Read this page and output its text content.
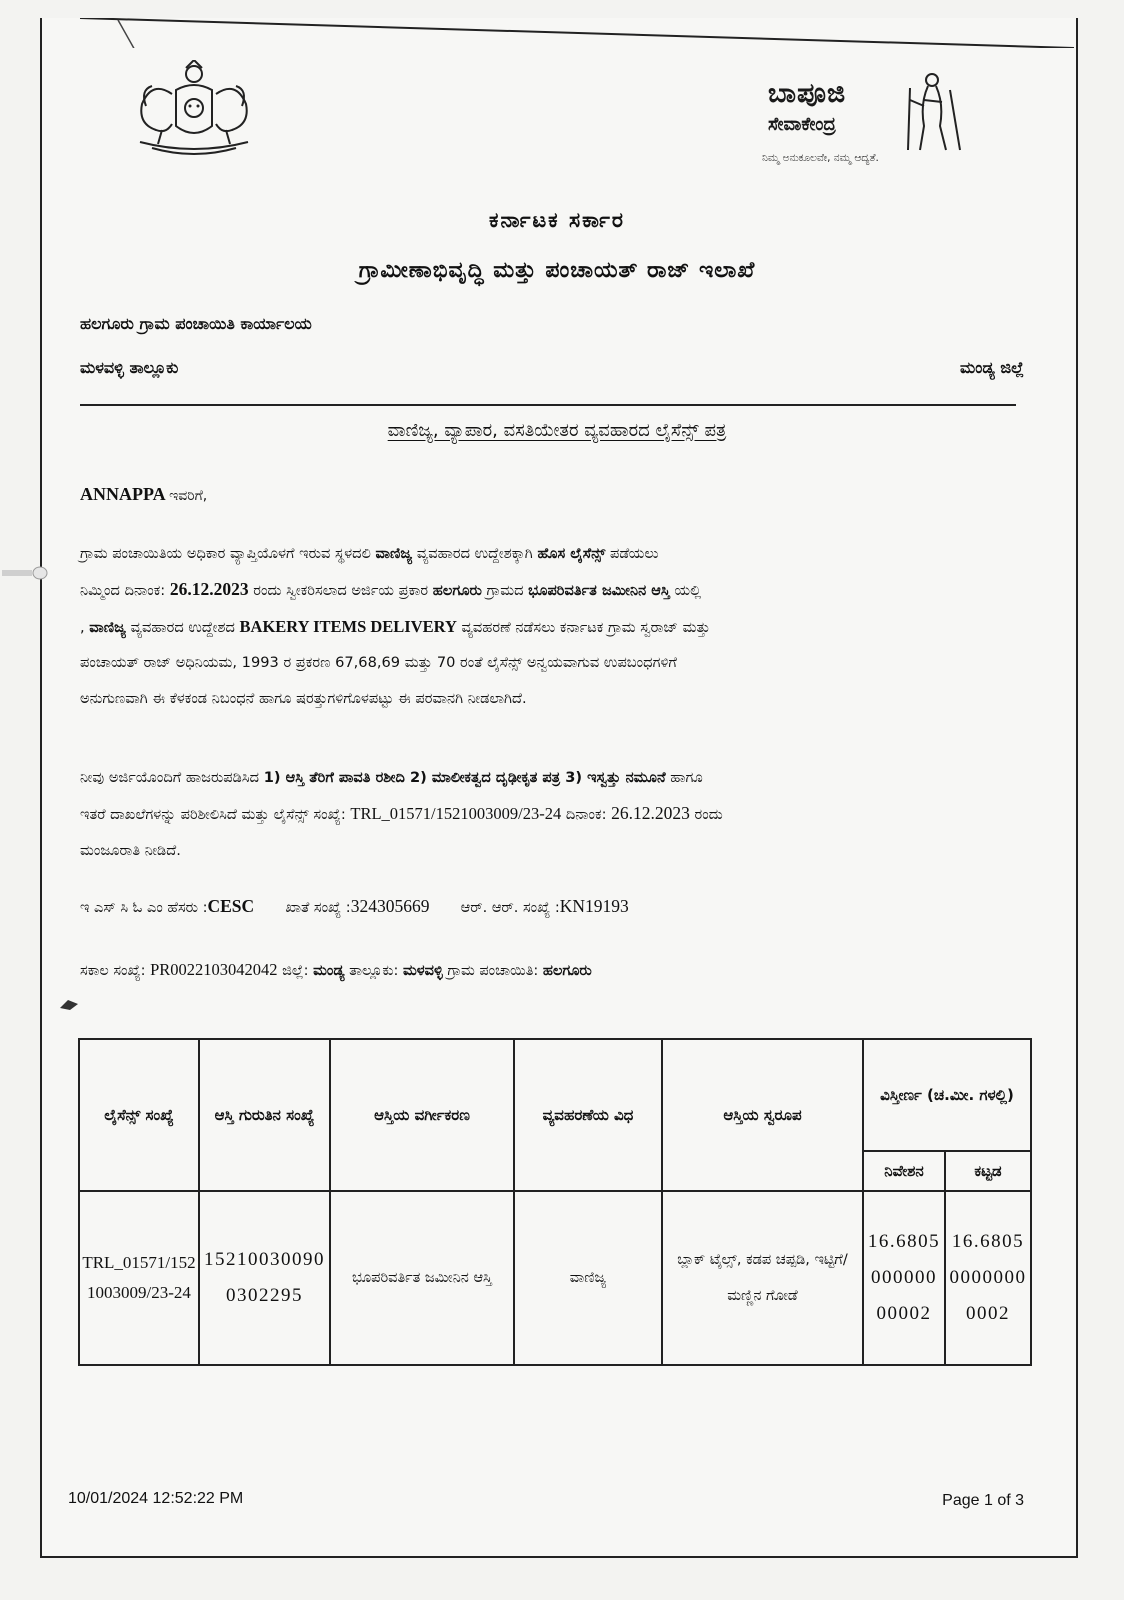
ಬಾಪೂಜಿ
ಸೇವಾಕೇಂದ್ರ
ನಿಮ್ಮ ಅನುಕೂಲವೇ, ನಮ್ಮ ಆದ್ಯತೆ.
ಕರ್ನಾಟಕ ಸರ್ಕಾರ
ಗ್ರಾಮೀಣಾಭಿವೃದ್ಧಿ ಮತ್ತು ಪಂಚಾಯತ್ ರಾಜ್ ಇಲಾಖೆ
ಹಲಗೂರು ಗ್ರಾಮ ಪಂಚಾಯಿತಿ ಕಾರ್ಯಾಲಯ
ಮಳವಳ್ಳಿ ತಾಲ್ಲೂಕು	ಮಂಡ್ಯ ಜಿಲ್ಲೆ
ವಾಣಿಜ್ಯ, ವ್ಯಾಪಾರ, ವಸತಿಯೇತರ ವ್ಯವಹಾರದ ಲೈಸೆನ್ಸ್ ಪತ್ರ
ANNAPPA ಇವರಿಗೆ,
ಗ್ರಾಮ ಪಂಚಾಯಿತಿಯ ಅಧಿಕಾರ ವ್ಯಾಪ್ತಿಯೊಳಗೆ ಇರುವ ಸ್ಥಳದಲಿ ವಾಣಿಜ್ಯ ವ್ಯವಹಾರದ ಉದ್ದೇಶಕ್ಕಾಗಿ ಹೊಸ ಲೈಸೆನ್ಸ್ ಪಡೆಯಲು
ನಿಮ್ಮಿಂದ ದಿನಾಂಕ: 26.12.2023 ರಂದು ಸ್ವೀಕರಿಸಲಾದ ಅರ್ಜಿಯ ಪ್ರಕಾರ ಹಲಗೂರು ಗ್ರಾಮದ ಭೂಪರಿವರ್ತಿತ ಜಮೀನಿನ ಆಸ್ತಿ ಯಲ್ಲಿ
, ವಾಣಿಜ್ಯ ವ್ಯವಹಾರದ ಉದ್ದೇಶದ BAKERY ITEMS DELIVERY ವ್ಯವಹರಣೆ ನಡೆಸಲು ಕರ್ನಾಟಕ ಗ್ರಾಮ ಸ್ವರಾಜ್ ಮತ್ತು
ಪಂಚಾಯತ್ ರಾಜ್ ಅಧಿನಿಯಮ, 1993 ರ ಪ್ರಕರಣ 67,68,69 ಮತ್ತು 70 ರಂತೆ ಲೈಸೆನ್ಸ್ ಅನ್ವಯವಾಗುವ ಉಪಬಂಧಗಳಿಗೆ
ಅನುಗುಣವಾಗಿ ಈ ಕೆಳಕಂಡ ನಿಬಂಧನೆ ಹಾಗೂ ಷರತ್ತುಗಳಿಗೊಳಪಟ್ಟು ಈ ಪರವಾನಗಿ ನೀಡಲಾಗಿದೆ.
ನೀವು ಅರ್ಜಿಯೊಂದಿಗೆ ಹಾಜರುಪಡಿಸಿದ 1) ಆಸ್ತಿ ತೆರಿಗೆ ಪಾವತಿ ರಶೀದಿ 2) ಮಾಲೀಕತ್ವದ ದೃಢೀಕೃತ ಪತ್ರ 3) ಇಸ್ವತ್ತು ನಮೂನೆ ಹಾಗೂ
ಇತರೆ ದಾಖಲೆಗಳನ್ನು ಪರಿಶೀಲಿಸಿದೆ ಮತ್ತು ಲೈಸೆನ್ಸ್ ಸಂಖ್ಯೆ: TRL_01571/1521003009/23-24 ದಿನಾಂಕ: 26.12.2023 ರಂದು
ಮಂಜೂರಾತಿ ನೀಡಿದೆ.
ಇ ಎಸ್ ಸಿ ಓ ಎಂ ಹೆಸರು :CESC ಖಾತೆ ಸಂಖ್ಯೆ :324305669 ಆರ್. ಆರ್. ಸಂಖ್ಯೆ :KN19193
ಸಕಾಲ ಸಂಖ್ಯೆ: PR0022103042042 ಜಿಲ್ಲೆ: ಮಂಡ್ಯ ತಾಲ್ಲೂಕು: ಮಳವಳ್ಳಿ ಗ್ರಾಮ ಪಂಚಾಯಿತಿ: ಹಲಗೂರು
ಲೈಸೆನ್ಸ್ ಸಂಖ್ಯೆ	ಆಸ್ತಿ ಗುರುತಿನ ಸಂಖ್ಯೆ	ಆಸ್ತಿಯ ವರ್ಗೀಕರಣ	ವ್ಯವಹರಣೆಯ ವಿಧ	ಆಸ್ತಿಯ ಸ್ವರೂಪ	ವಿಸ್ತೀರ್ಣ (ಚ.ಮೀ. ಗಳಲ್ಲಿ)	
					ನಿವೇಶನ	ಕಟ್ಟಡ
TRL_01571/1521003009/23-24	152100300900302295	ಭೂಪರಿವರ್ತಿತ ಜಮೀನಿನ ಆಸ್ತಿ	ವಾಣಿಜ್ಯ	ಬ್ಲಾಕ್ ಟೈಲ್ಸ್, ಕಡಪ ಚಪ್ಪಡಿ, ಇಟ್ಟಿಗೆ/ ಮಣ್ಣಿನ ಗೋಡೆ	16.680500000000002	16.680500000000002
10/01/2024 12:52:22 PM	Page 1 of 3
